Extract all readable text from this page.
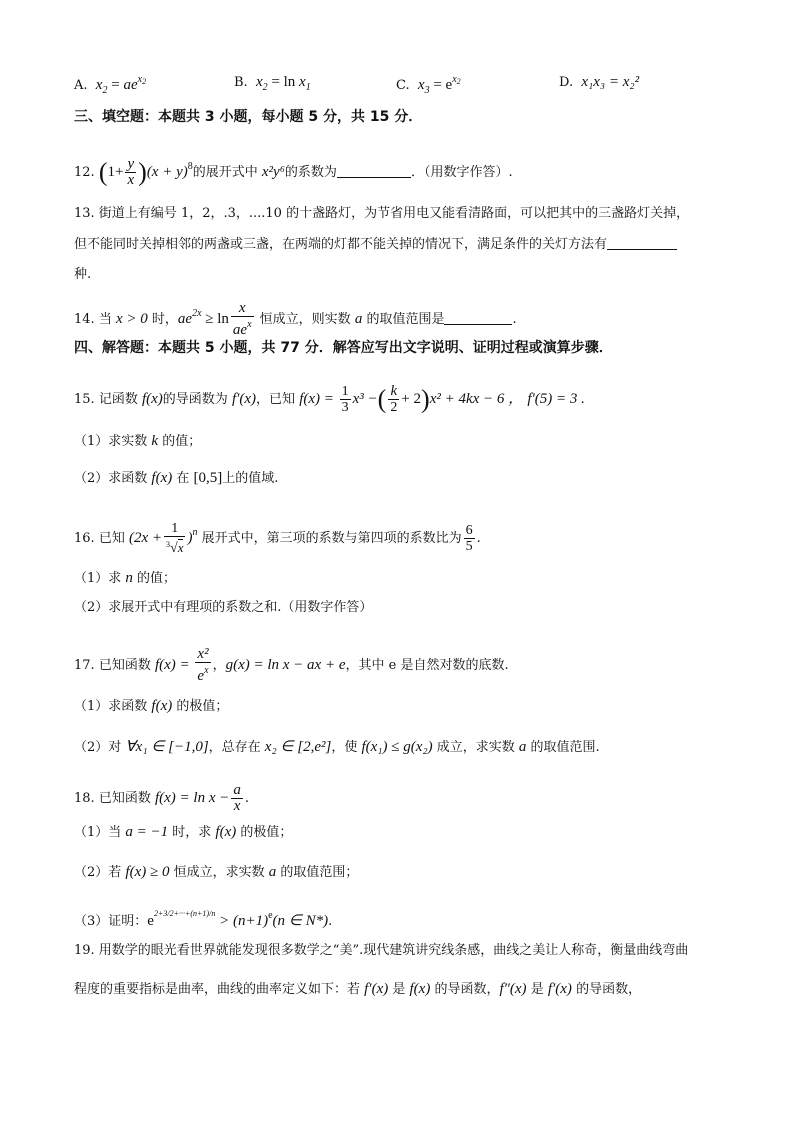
A. $x_2 = ae^{x2}$	B. $x_2 = \ln x_1$	C. $x_3 = e^{x2}$	D. x₁x₃ = x₂²
三、填空题：本题共 3 小题，每小题 5 分，共 15 分．
12. $(1+ \frac{y}{x} )(x + y)^8$的展开式中 x²y⁶的系数为	．（用数字作答）.
13. 街道上有编号 1，2，.3，....10 的十盏路灯，为节省用电又能看清路面，可以把其中的三盏路灯关掉，
但不能同时关掉相邻的两盏或三盏，在两端的灯都不能关掉的情况下，满足条件的关灯方法有
种.
14. 当 x > 0 时，$ae^{2x} \ge \ln \frac{x}{ae^x}$ 恒成立，则实数 a 的取值范围是	.
四、解答题：本题共 5 小题，共 77 分．解答应写出文字说明、证明过程或演算步骤．
15. 记函数 f(x)的导函数为 f′(x)，已知 $f(x) = \frac{1}{3} x^3$ −( $\frac{k}{2} + 2)x^2 + 4kx - 6$ ， f′(5) = 3 .
（1）求实数 k 的值；
（2）求函数 f(x) 在 [0,5]上的值域.
16. 已知 $(2x + \frac{1}{^3√x} )^n$ 展开式中，第三项的系数与第四项的系数比为 $\frac{6}{5}$ .
（1）求 n 的值；
（2）求展开式中有理项的系数之和.（用数字作答）
17. 已知函数 $f(x) = \frac{\text{x²}}{e^x}$ ，g(x) = ln x − ax + e，其中 e 是自然对数的底数.
（1）求函数 f(x) 的极值；
（2）对 ∀x₁ ∈ [−1,0]，总存在 x₂ ∈ [2,e²]，使 f(x₁) ≤ g(x₂) 成立，求实数 a 的取值范围.
18. 已知函数 $f(x) = \ln x - \frac{a}{x}$ .
（1）当 a = −1 时，求 f(x) 的极值；
（2）若 f(x) ≥ 0 恒成立，求实数 a 的取值范围；
（3）证明：$e^{2+3/2+\cdot\cdot\cdot+(n+1)/n} > (n+1)^e(n$ ∈ N*).
19. 用数学的眼光看世界就能发现很多数学之“美”.现代建筑讲究线条感，曲线之美让人称奇，衡量曲线弯曲
程度的重要指标是曲率，曲线的曲率定义如下：若 f′(x) 是 f(x) 的导函数，f″(x) 是 f′(x) 的导函数，
